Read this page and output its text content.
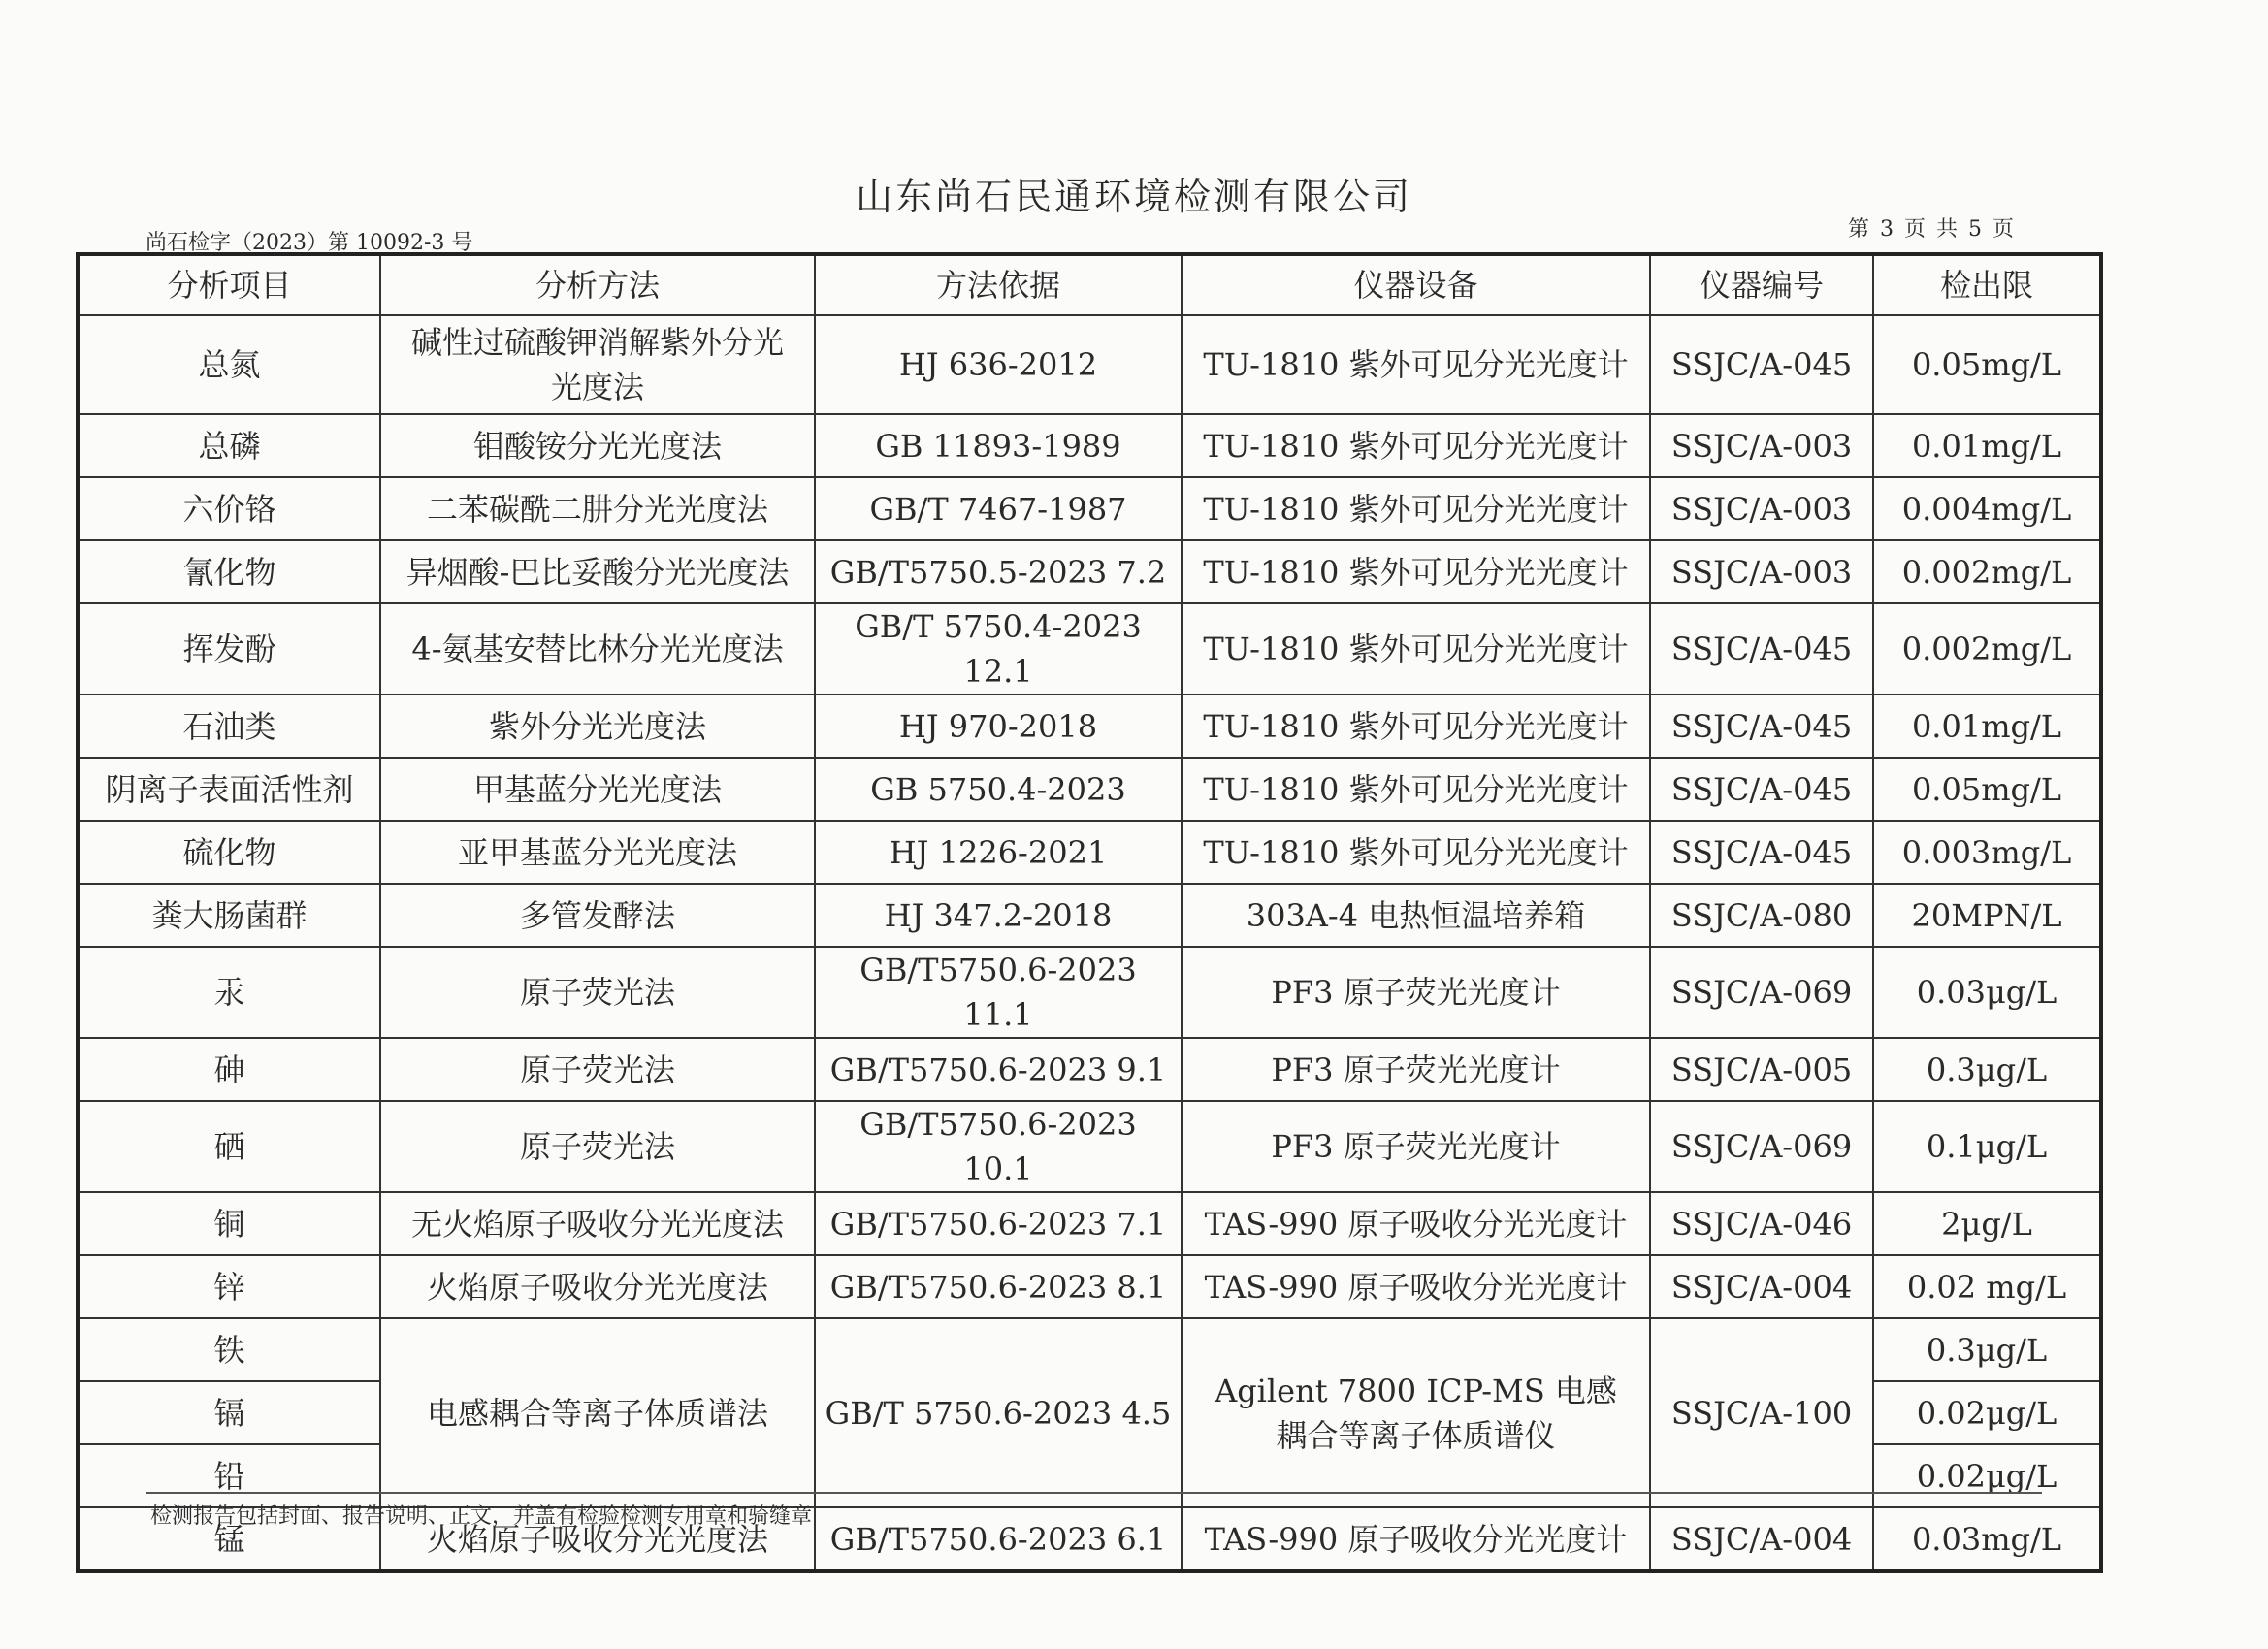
山东尚石民通环境检测有限公司
尚石检字（2023）第 10092-3 号
第 3 页 共 5 页
分析项目	分析方法	方法依据	仪器设备	仪器编号	检出限
总氮	碱性过硫酸钾消解紫外分光光度法	HJ 636-2012	TU-1810 紫外可见分光光度计	SSJC/A-045	0.05mg/L
总磷	钼酸铵分光光度法	GB 11893-1989	TU-1810 紫外可见分光光度计	SSJC/A-003	0.01mg/L
六价铬	二苯碳酰二肼分光光度法	GB/T 7467-1987	TU-1810 紫外可见分光光度计	SSJC/A-003	0.004mg/L
氰化物	异烟酸-巴比妥酸分光光度法	GB/T5750.5-2023 7.2	TU-1810 紫外可见分光光度计	SSJC/A-003	0.002mg/L
挥发酚	4-氨基安替比林分光光度法	GB/T 5750.4-2023 12.1	TU-1810 紫外可见分光光度计	SSJC/A-045	0.002mg/L
石油类	紫外分光光度法	HJ 970-2018	TU-1810 紫外可见分光光度计	SSJC/A-045	0.01mg/L
阴离子表面活性剂	甲基蓝分光光度法	GB 5750.4-2023	TU-1810 紫外可见分光光度计	SSJC/A-045	0.05mg/L
硫化物	亚甲基蓝分光光度法	HJ 1226-2021	TU-1810 紫外可见分光光度计	SSJC/A-045	0.003mg/L
粪大肠菌群	多管发酵法	HJ 347.2-2018	303A-4 电热恒温培养箱	SSJC/A-080	20MPN/L
汞	原子荧光法	GB/T5750.6-2023 11.1	PF3 原子荧光光度计	SSJC/A-069	0.03μg/L
砷	原子荧光法	GB/T5750.6-2023 9.1	PF3 原子荧光光度计	SSJC/A-005	0.3μg/L
硒	原子荧光法	GB/T5750.6-2023 10.1	PF3 原子荧光光度计	SSJC/A-069	0.1μg/L
铜	无火焰原子吸收分光光度法	GB/T5750.6-2023 7.1	TAS-990 原子吸收分光光度计	SSJC/A-046	2μg/L
锌	火焰原子吸收分光光度法	GB/T5750.6-2023 8.1	TAS-990 原子吸收分光光度计	SSJC/A-004	0.02 mg/L
铁	电感耦合等离子体质谱法	GB/T 5750.6-2023 4.5	Agilent 7800 ICP-MS 电感耦合等离子体质谱仪	SSJC/A-100	0.3μg/L
镉					0.02μg/L
铅					0.02μg/L
锰	火焰原子吸收分光光度法	GB/T5750.6-2023 6.1	TAS-990 原子吸收分光光度计	SSJC/A-004	0.03mg/L
检测报告包括封面、报告说明、正文，并盖有检验检测专用章和骑缝章
